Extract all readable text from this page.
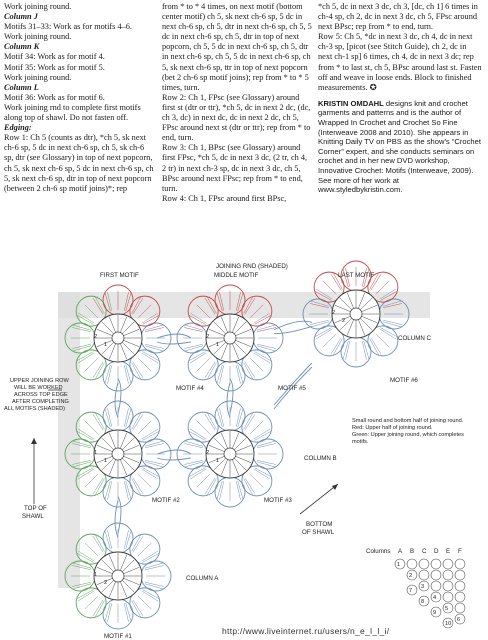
Work joining round.

Column J

Motifs 31–33: Work as for motifs 4–6.

Work joining round.

Column K

Motif 34: Work as for motif 4.

Motif 35: Work as for motif 5.

Work joining round.

Column L

Motif 36: Work as for motif 6.

Work joining rnd to complete first motifs along top of shawl. Do not fasten off.

Edging:

Row 1: Ch 5 (counts as dtr), *ch 5, sk next ch-6 sp, 5 dc in next ch-6 sp, ch 5, sk ch-6 sp, dtr (see Glossary) in top of next popcorn, ch 5, sk next ch-6 sp, 5 dc in next ch-6 sp, ch 5, sk next ch-6 sp, dtr in top of next popcorn (between 2 ch-6 sp motif joins)*; rep

from * to * 4 times, on next motif (bottom center motif) ch 5, sk next ch-6 sp, 5 dc in next ch-6 sp, ch 5, dtr in next ch-6 sp, ch 5, 5 dc in next ch-6 sp, ch 5, dtr in top of next popcorn, ch 5, 5 dc in next ch-6 sp, ch 5, dtr in next ch-6 sp, ch 5, 5 dc in next ch-6 sp, ch 5, sk next ch-6 sp, ttr in top of next popcorn (bet 2 ch-6 sp motif joins); rep from * to * 5 times, turn.

Row 2: Ch 1, FPsc (see Glossary) around first st (dtr or ttr), *ch 5, dc in next 2 dc, (dc, ch 3, dc) in next dc, dc in next 2 dc, ch 5, FPsc around next st (dtr or ttr); rep from * to end, turn.

Row 3: Ch 1, BPsc (see Glossary) around first FPsc, *ch 5, dc in next 3 dc, (2 tr, ch 4, 2 tr) in next ch-3 sp, dc in next 3 dc, ch 5, BPsc around next FPsc; rep from * to end, turn.

Row 4: Ch 1, FPsc around first BPsc,

*ch 5, dc in next 3 dc, ch 3, [dc, ch 1] 6 times in ch-4 sp, ch 2, dc in next 3 dc, ch 5, FPsc around next BPsc; rep from * to end, turn.

Row 5: Ch 5, *dc in next 3 dc, ch 4, dc in next ch-3 sp, [picot (see Stitch Guide), ch 2, dc in next ch-1 sp] 6 times, ch 4, dc in next 3 dc; rep from * to last st, ch 5, BPsc around last st. Fasten off and weave in loose ends. Block to finished measurements. ✪

KRISTIN OMDAHL designs knit and crochet garments and patterns and is the author of Wrapped In Crochet and Crochet So Fine (Interweave 2008 and 2010). She appears in Knitting Daily TV on PBS as the show's “Crochet Corner” expert, and she conducts seminars on crochet and in her new DVD workshop, Innovative Crochet: Motifs (Interweave, 2009). See more of her work at www.styledbykristin.com.

2
1
2
1
2
2
1
1
2
1
1
2
JOINING RND (SHADED)
FIRST MOTIF	MIDDLE MOTIF	LAST MOTIF
COLUMN C
COLUMN B
COLUMN A
MOTIF #4	MOTIF #5
MOTIF #6
MOTIF #2	MOTIF #3
MOTIF #1
UPPER JOINING ROW
WILL BE WORKED
ACROSS TOP EDGE
AFTER COMPLETING
ALL MOTIFS (SHADED)
TOP OF
SHAWL
BOTTOM
OF SHAWL
Columns A B C D E F
1
2
3
4
5
6
7
8
9
10

Small round and bottom half of joining round.

Red: Upper half of joining round.

Green: Upper joining round, which completes motifs.

http://www.liveinternet.ru/users/n_e_l_l_i/
